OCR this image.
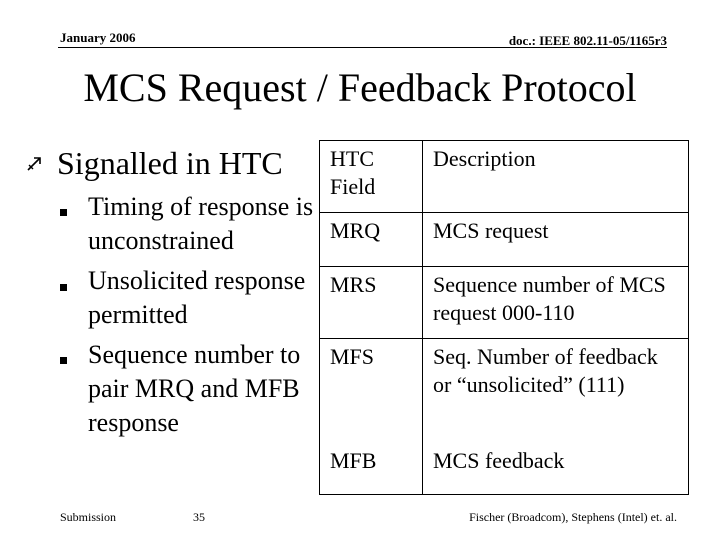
January 2006	doc.: IEEE 802.11-05/1165r3
MCS Request / Feedback Protocol
Signalled in HTC
Timing of response is unconstrained
Unsolicited response permitted
Sequence number to pair MRQ and MFB response
HTC Field	Description
MRQ	MCS request
MRS	Sequence number of MCS request 000-110
MFS	Seq. Number of feedback or “unsolicited” (111)
MFB	MCS feedback
Submission	35	Fischer (Broadcom), Stephens (Intel) et. al.
